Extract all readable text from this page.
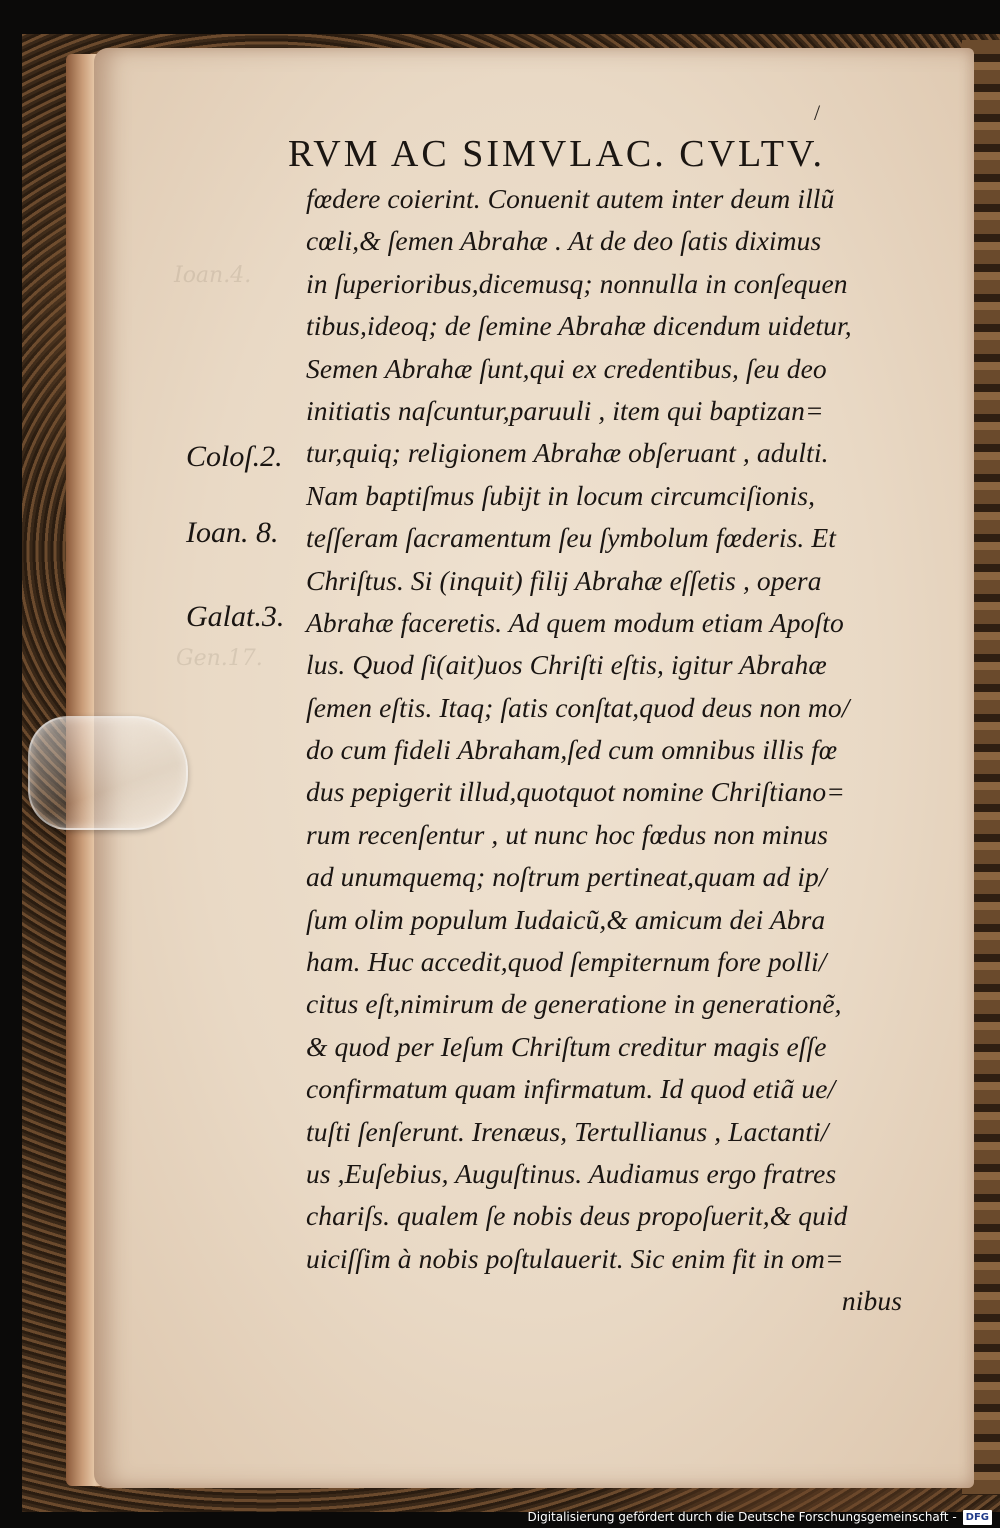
Ioan.4.
Gen.17.
/
RVM AC SIMVLAC. CVLTV.
Coloſ.2.
Ioan. 8.
Galat.3.
fœdere coierint. Conuenit autem inter deum illũ
cœli,& ſemen Abrahæ . At de deo ſatis diximus
in ſuperioribus,dicemusq; nonnulla in conſequen
tibus,ideoq; de ſemine Abrahæ dicendum uidetur,
Semen Abrahæ ſunt,qui ex credentibus, ſeu deo
initiatis naſcuntur,paruuli , item qui baptizan=
tur,quiq; religionem Abrahæ obſeruant , adulti.
Nam baptiſmus ſubijt in locum circumciſionis,
teſſeram ſacramentum ſeu ſymbolum fœderis. Et
Chriſtus. Si (inquit) filij Abrahæ eſſetis , opera
Abrahæ faceretis. Ad quem modum etiam Apoſto
lus. Quod ſi(ait)uos Chriſti eſtis, igitur Abrahæ
ſemen eſtis. Itaq; ſatis conſtat,quod deus non mo/
do cum fideli Abraham,ſed cum omnibus illis fœ
dus pepigerit illud,quotquot nomine Chriſtiano=
rum recenſentur , ut nunc hoc fœdus non minus
ad unumquemq; noſtrum pertineat,quam ad ip/
ſum olim populum Iudaicũ,& amicum dei Abra
ham. Huc accedit,quod ſempiternum fore polli/
citus eſt,nimirum de generatione in generationẽ,
& quod per Ieſum Chriſtum creditur magis eſſe
confirmatum quam infirmatum. Id quod etiã ue/
tuſti ſenſerunt. Irenæus, Tertullianus , Lactanti/
us ,Euſebius, Auguſtinus. Audiamus ergo fratres
chariſs. qualem ſe nobis deus propoſuerit,& quid
uiciſſim à nobis poſtulauerit. Sic enim fit in om=
nibus
Digitalisierung gefördert durch die Deutsche Forschungsgemeinschaft - DFG
